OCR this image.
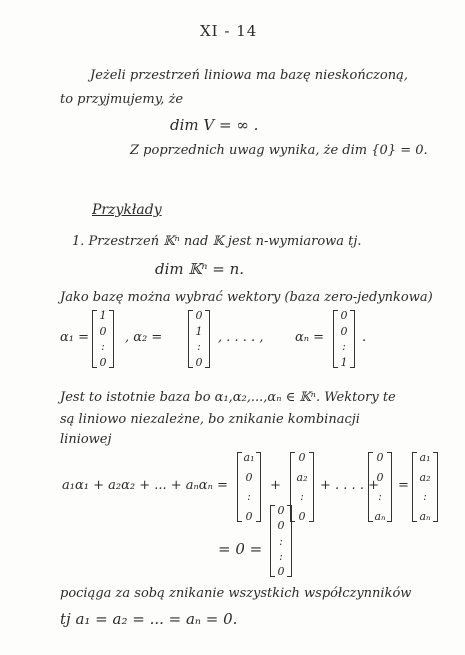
XI - 14
Jeżeli przestrzeń liniowa ma bazę nieskończoną,
to przyjmujemy, że
dim V = ∞ .
Z poprzednich uwag wynika, że dim {0} = 0.
Przykłady
1. Przestrzeń 𝕂ⁿ nad 𝕂 jest n-wymiarowa tj.
dim 𝕂ⁿ = n.
Jako bazę można wybrać wektory (baza zero-jedynkowa)
α₁ =
1
0
:
0
, α₂ =
0
1
:
0
, . . . . , αₙ =
0
0
:
1
.
Jest to istotnie baza bo α₁,α₂,...,αₙ ∈ 𝕂ⁿ. Wektory te
są liniowo niezależne, bo znikanie kombinacji
liniowej
a₁α₁ + a₂α₂ + ... + aₙαₙ =
a₁
0
:
0
+
0
a₂
:
0
+ . . . . +
0
0
:
aₙ
=
a₁
a₂
:
aₙ
= 0 =
0
0
:
:
0
pociąga za sobą znikanie wszystkich współczynników
tj a₁ = a₂ = ... = aₙ = 0.
